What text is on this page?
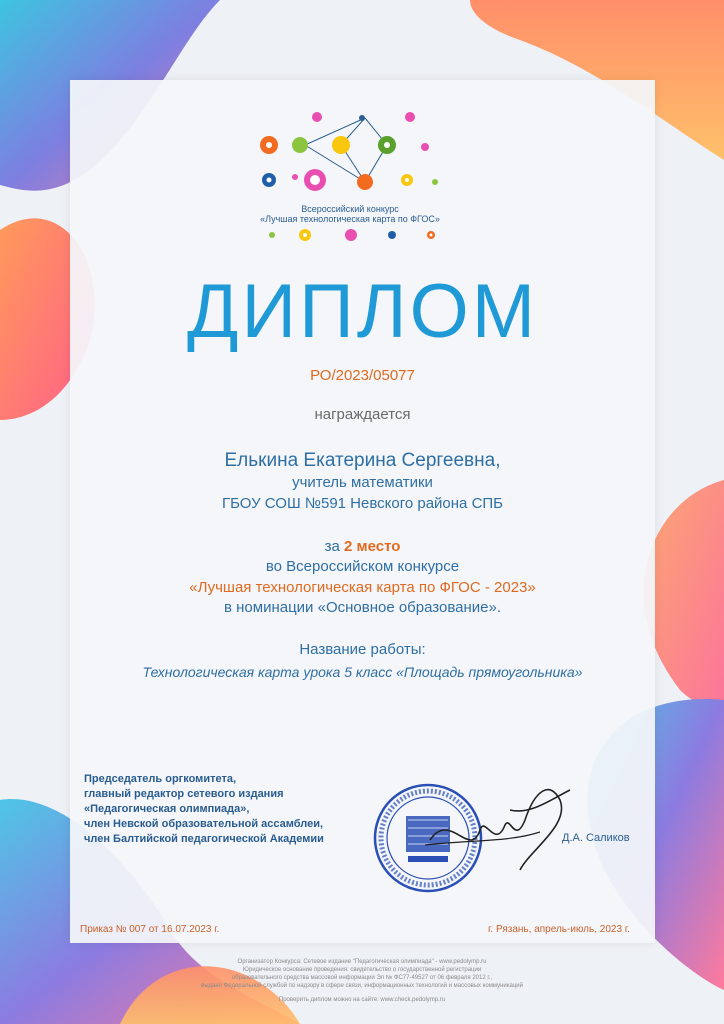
Всероссийский конкурс
«Лучшая технологическая карта по ФГОС»
ДИПЛОМ
РО/2023/05077
награждается
Елькина Екатерина Сергеевна,
учитель математики
ГБОУ СОШ №591 Невского района СПБ
за 2 место
во Всероссийском конкурсе
«Лучшая технологическая карта по ФГОС - 2023»
в номинации «Основное образование».
Название работы:
Технологическая карта урока 5 класс «Площадь прямоугольника»
Председатель оргкомитета,
главный редактор сетевого издания
«Педагогическая олимпиада»,
член Невской образовательной ассамблеи,
член Балтийской педагогической Академии	Д.А. Саликов
Приказ № 007 от 16.07.2023 г.	г. Рязань, апрель-июль, 2023 г.
Организатор Конкурса: Сетевое издание "Педагогическая олимпиада" - www.pedolymp.ru
Юридическое основание проведения: свидетельство о государственной регистрации
образовательного средства массовой информации Эл № ФС77-49527 от 06 февраля 2012 г.,
выдано Федеральной службой по надзору в сфере связи, информационных технологий и массовых коммуникаций
Проверить диплом можно на сайте: www.check.pedolymp.ru
